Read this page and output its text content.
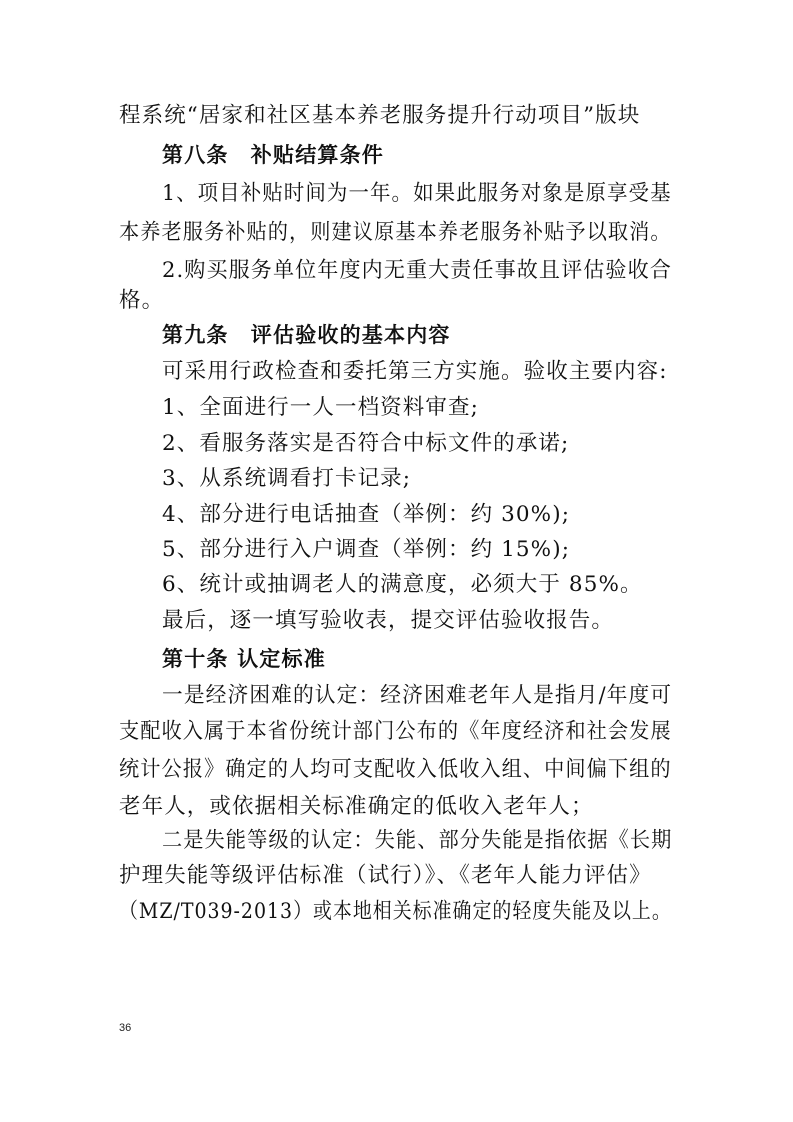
程系统“居家和社区基本养老服务提升行动项目”版块
第八条　补贴结算条件
1、项目补贴时间为一年。如果此服务对象是原享受基
本养老服务补贴的，则建议原基本养老服务补贴予以取消。
2.购买服务单位年度内无重大责任事故且评估验收合
格。
第九条　评估验收的基本内容
可采用行政检查和委托第三方实施。验收主要内容:
1、全面进行一人一档资料审查;
2、看服务落实是否符合中标文件的承诺;
3、从系统调看打卡记录;
4、部分进行电话抽查（举例：约 30%);
5、部分进行入户调查（举例：约 15%);
6、统计或抽调老人的满意度，必须大于 85%。
最后，逐一填写验收表，提交评估验收报告。
第十条 认定标准
一是经济困难的认定：经济困难老年人是指月/年度可
支配收入属于本省份统计部门公布的《年度经济和社会发展
统计公报》确定的人均可支配收入低收入组、中间偏下组的
老年人，或依据相关标准确定的低收入老年人；
二是失能等级的认定：失能、部分失能是指依据《长期
护理失能等级评估标准（试行）》、《老年人能力评估》
（MZ/T039-2013）或本地相关标准确定的轻度失能及以上。
36
